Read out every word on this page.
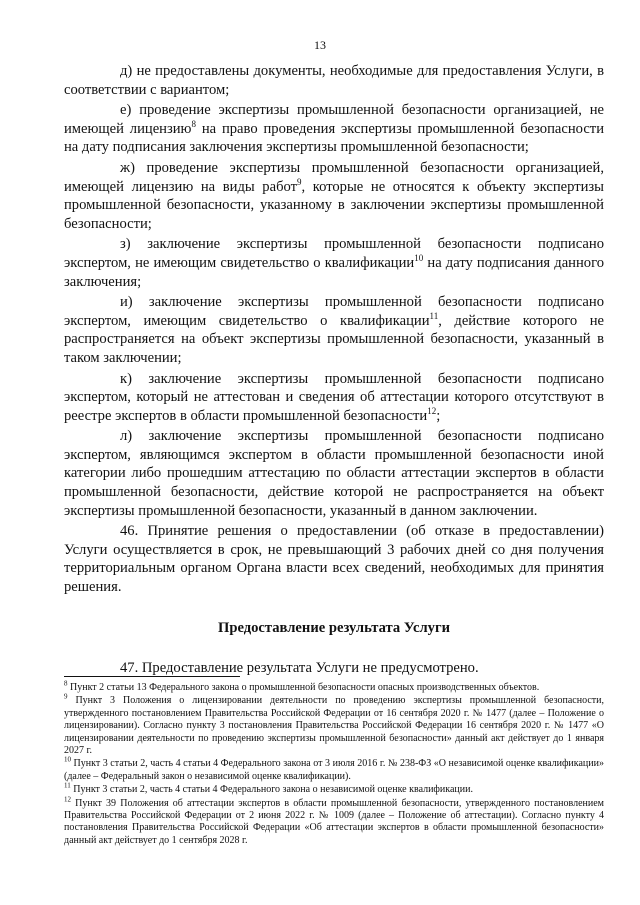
13

д) не предоставлены документы, необходимые для предоставления Услуги, в соответствии с вариантом;

е) проведение экспертизы промышленной безопасности организацией, не имеющей лицензию$^8$ на право проведения экспертизы промышленной безопасности на дату подписания заключения экспертизы промышленной безопасности;

ж) проведение экспертизы промышленной безопасности организацией, имеющей лицензию на виды работ$^9$, которые не относятся к объекту экспертизы промышленной безопасности, указанному в заключении экспертизы промышленной безопасности;

з) заключение экспертизы промышленной безопасности подписано экспертом, не имеющим свидетельство о квалификации$^{10}$ на дату подписания данного заключения;

и) заключение экспертизы промышленной безопасности подписано экспертом, имеющим свидетельство о квалификации$^{11}$, действие которого не распространяется на объект экспертизы промышленной безопасности, указанный в таком заключении;

к) заключение экспертизы промышленной безопасности подписано экспертом, который не аттестован и сведения об аттестации которого отсутствуют в реестре экспертов в области промышленной безопасности$^{12}$;

л) заключение экспертизы промышленной безопасности подписано экспертом, являющимся экспертом в области промышленной безопасности иной категории либо прошедшим аттестацию по области аттестации экспертов в области промышленной безопасности, действие которой не распространяется на объект экспертизы промышленной безопасности, указанный в данном заключении.

46. Принятие решения о предоставлении (об отказе в предоставлении) Услуги осуществляется в срок, не превышающий 3 рабочих дней со дня получения территориальным органом Органа власти всех сведений, необходимых для принятия решения.

Предоставление результата Услуги

47. Предоставление результата Услуги не предусмотрено.

$^8$ Пункт 2 статьи 13 Федерального закона о промышленной безопасности опасных производственных объектов.

$^9$ Пункт 3 Положения о лицензировании деятельности по проведению экспертизы промышленной безопасности, утвержденного постановлением Правительства Российской Федерации от 16 сентября 2020 г. № 1477 (далее – Положение о лицензировании). Согласно пункту 3 постановления Правительства Российской Федерации 16 сентября 2020 г. № 1477 «О лицензировании деятельности по проведению экспертизы промышленной безопасности» данный акт действует до 1 января 2027 г.

$^{10}$ Пункт 3 статьи 2, часть 4 статьи 4 Федерального закона от 3 июля 2016 г. № 238-ФЗ «О независимой оценке квалификации» (далее – Федеральный закон о независимой оценке квалификации).

$^{11}$ Пункт 3 статьи 2, часть 4 статьи 4 Федерального закона о независимой оценке квалификации.

$^{12}$ Пункт 39 Положения об аттестации экспертов в области промышленной безопасности, утвержденного постановлением Правительства Российской Федерации от 2 июня 2022 г. № 1009 (далее – Положение об аттестации). Согласно пункту 4 постановления Правительства Российской Федерации «Об аттестации экспертов в области промышленной безопасности» данный акт действует до 1 сентября 2028 г.
